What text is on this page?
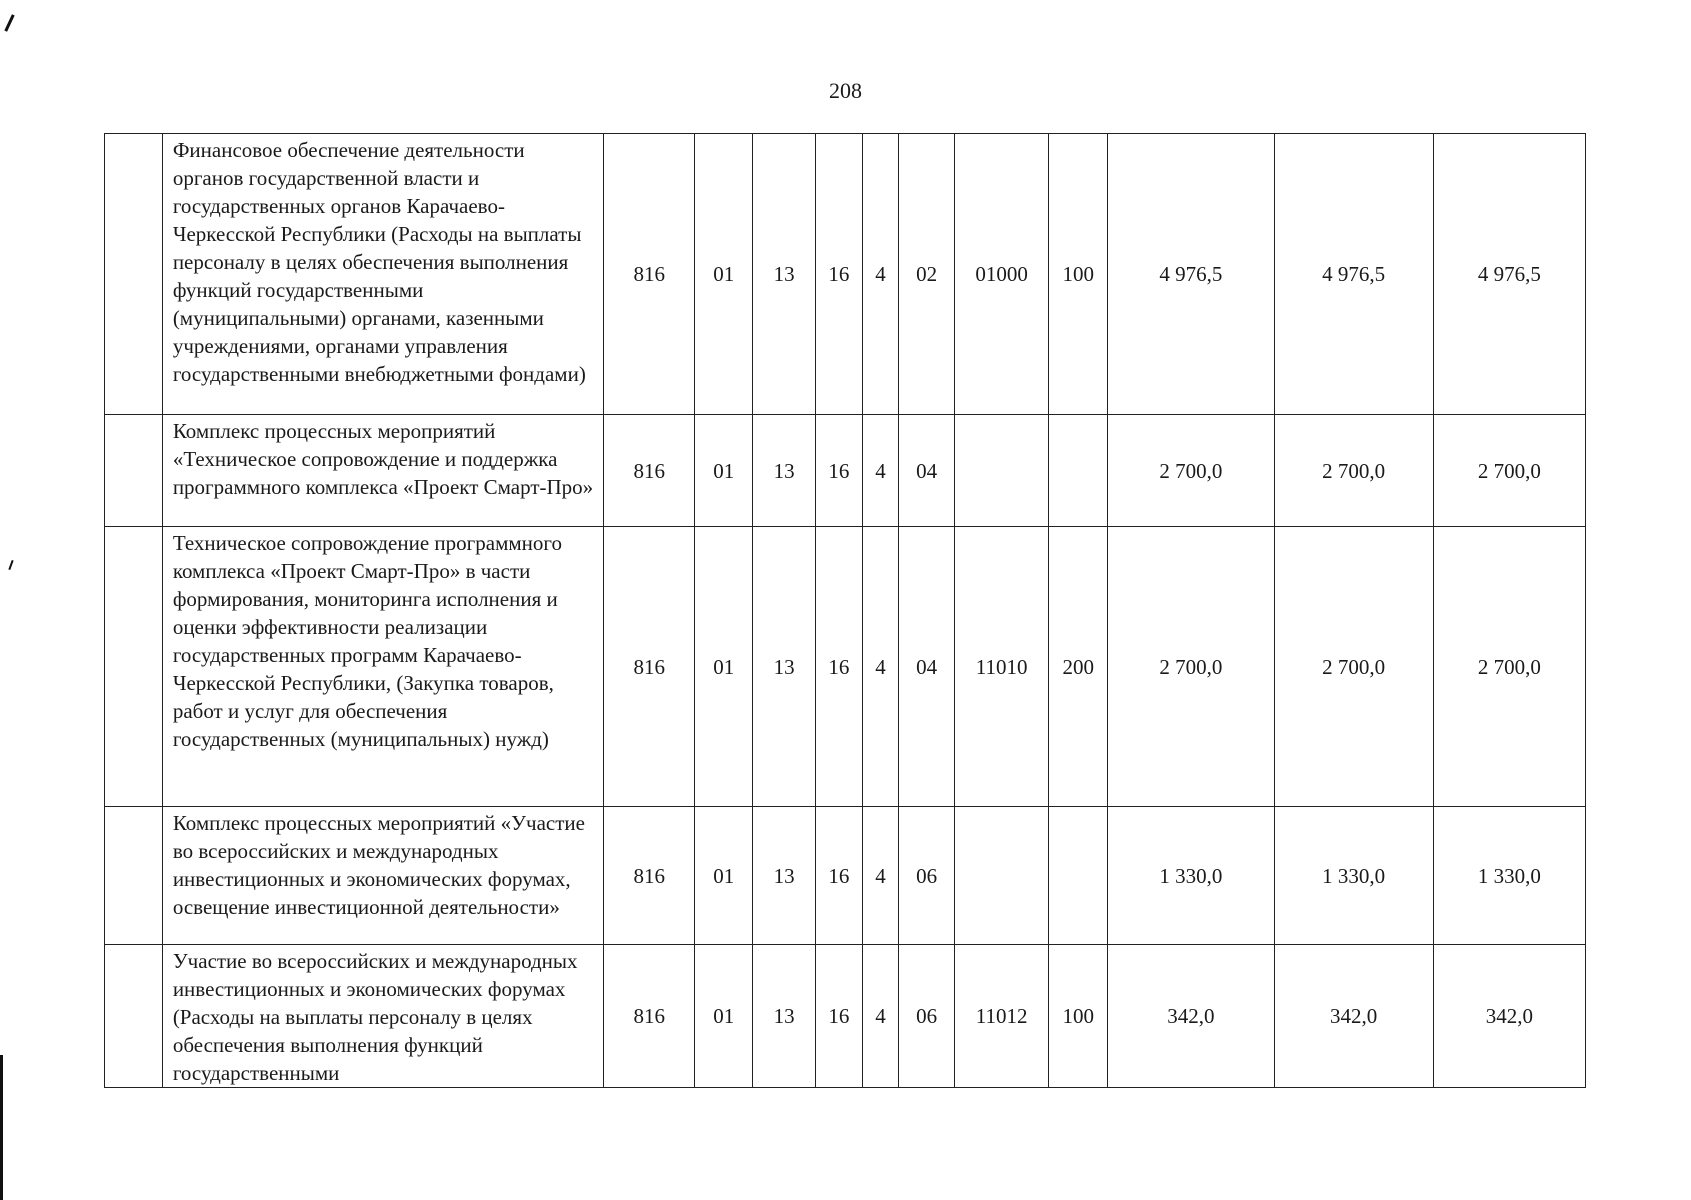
208
	Финансовое обеспечение деятельности органов государственной власти и государственных органов Карачаево-Черкесской Республики (Расходы на выплаты персоналу в целях обеспечения выполнения функций государственными (муниципальными) органами, казенными учреждениями, органами управления государственными внебюджетными фондами)	816	01	13	16	4	02	01000	100	4 976,5	4 976,5	4 976,5
	Комплекс процессных мероприятий «Техническое сопровождение и поддержка программного комплекса «Проект Смарт-Про»	816	01	13	16	4	04			2 700,0	2 700,0	2 700,0
	Техническое сопровождение программного комплекса «Проект Смарт-Про» в части формирования, мониторинга исполнения и оценки эффективности реализации государственных программ Карачаево-Черкесской Республики, (Закупка товаров, работ и услуг для обеспечения государственных (муниципальных) нужд)	816	01	13	16	4	04	11010	200	2 700,0	2 700,0	2 700,0
	Комплекс процессных мероприятий «Участие во всероссийских и международных инвестиционных и экономических форумах, освещение инвестиционной деятельности»	816	01	13	16	4	06			1 330,0	1 330,0	1 330,0
	Участие во всероссийских и международных инвестиционных и экономических форумах (Расходы на выплаты персоналу в целях обеспечения выполнения функций государственными	816	01	13	16	4	06	11012	100	342,0	342,0	342,0
